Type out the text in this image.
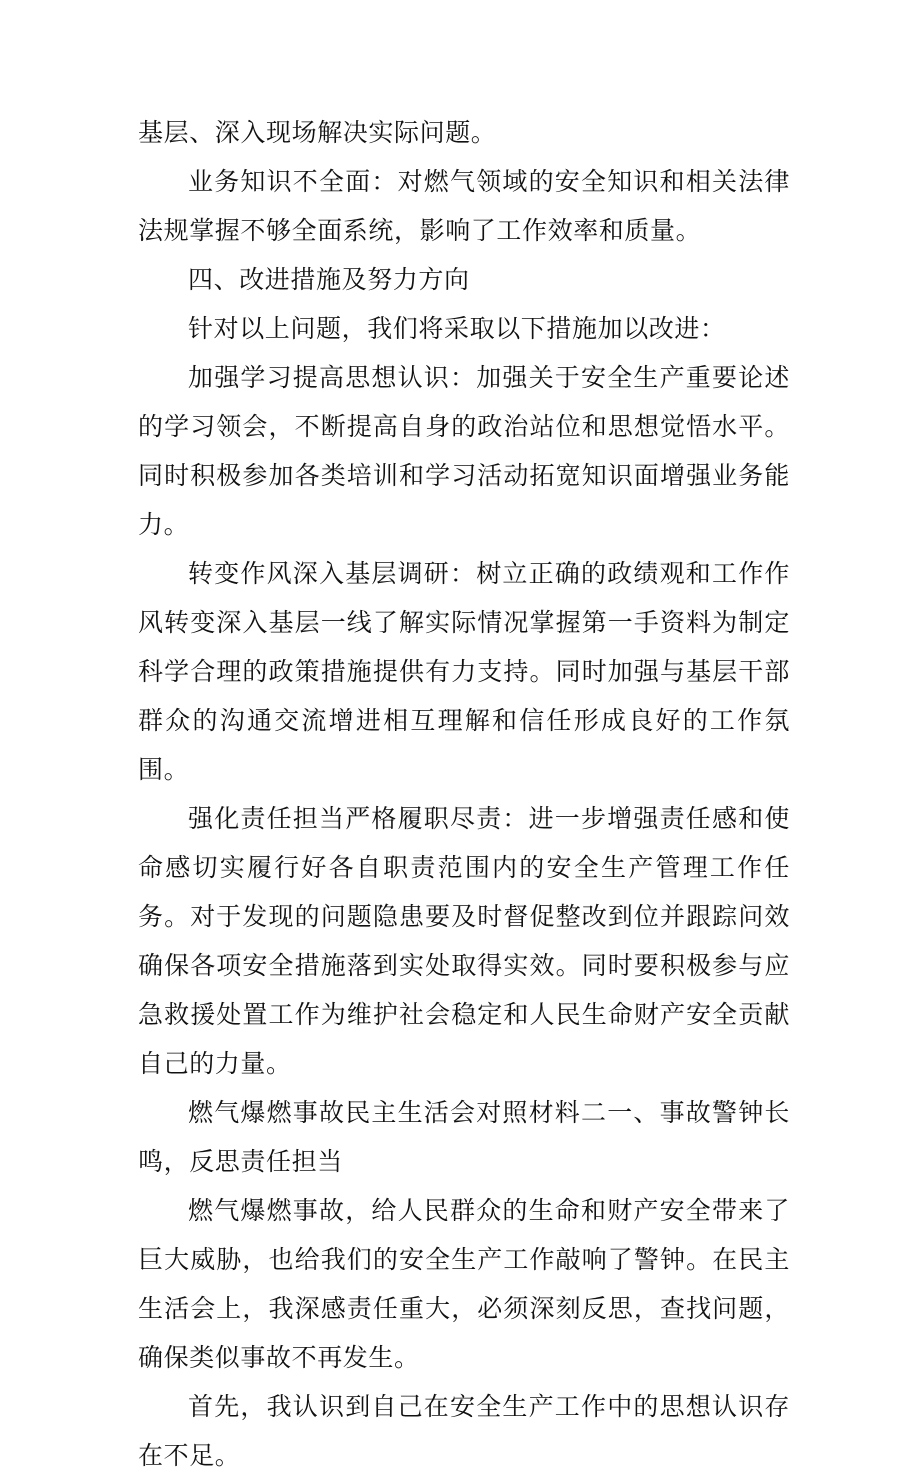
基层、深入现场解决实际问题。

业务知识不全面：对燃气领域的安全知识和相关法律法规掌握不够全面系统，影响了工作效率和质量。

四、改进措施及努力方向

针对以上问题，我们将采取以下措施加以改进：

加强学习提高思想认识：加强关于安全生产重要论述的学习领会，不断提高自身的政治站位和思想觉悟水平。同时积极参加各类培训和学习活动拓宽知识面增强业务能力。

转变作风深入基层调研：树立正确的政绩观和工作作风转变深入基层一线了解实际情况掌握第一手资料为制定科学合理的政策措施提供有力支持。同时加强与基层干部群众的沟通交流增进相互理解和信任形成良好的工作氛围。

强化责任担当严格履职尽责：进一步增强责任感和使命感切实履行好各自职责范围内的安全生产管理工作任务。对于发现的问题隐患要及时督促整改到位并跟踪问效确保各项安全措施落到实处取得实效。同时要积极参与应急救援处置工作为维护社会稳定和人民生命财产安全贡献自己的力量。

燃气爆燃事故民主生活会对照材料二一、事故警钟长鸣，反思责任担当

燃气爆燃事故，给人民群众的生命和财产安全带来了巨大威胁，也给我们的安全生产工作敲响了警钟。在民主生活会上，我深感责任重大，必须深刻反思，查找问题，确保类似事故不再发生。

首先，我认识到自己在安全生产工作中的思想认识存在不足。
